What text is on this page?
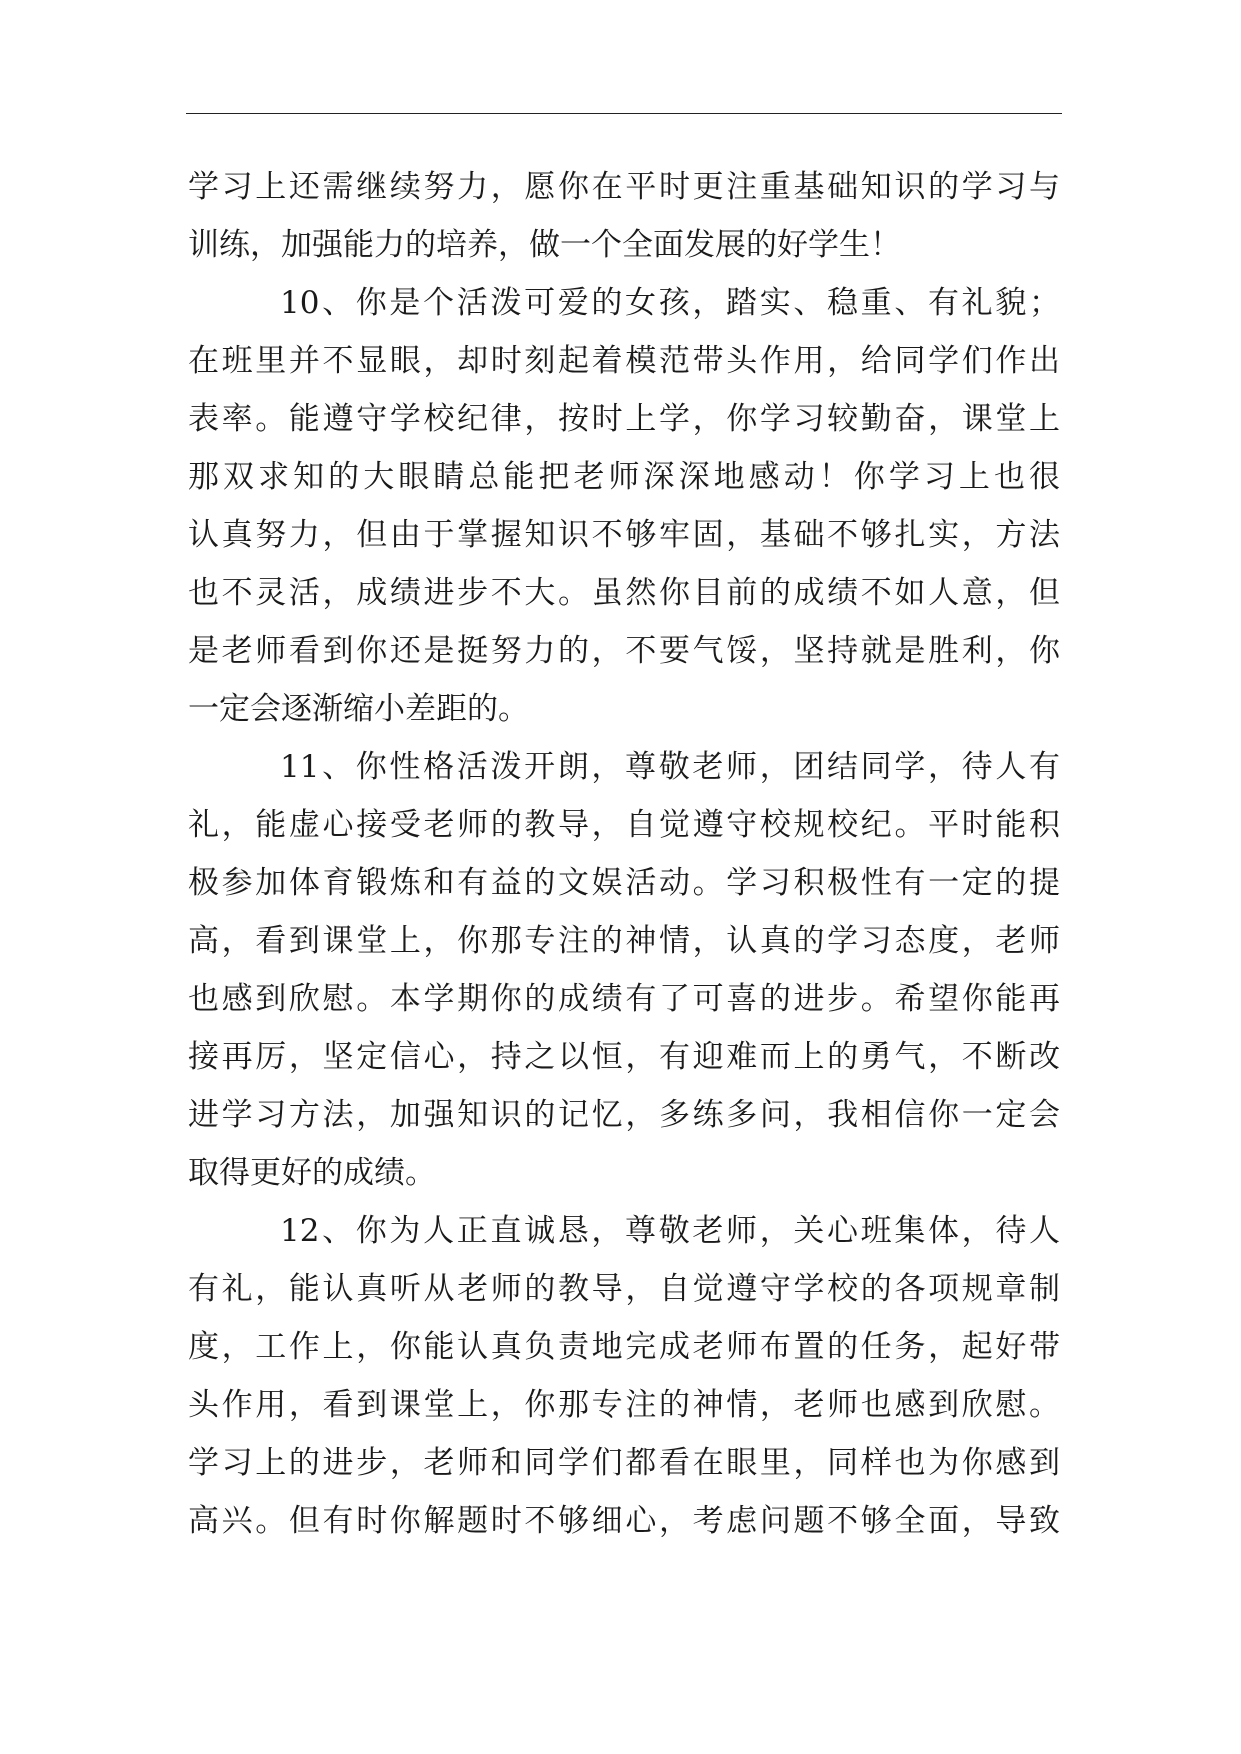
学习上还需继续努力，愿你在平时更注重基础知识的学习与
训练，加强能力的培养，做一个全面发展的好学生！
10、你是个活泼可爱的女孩，踏实、稳重、有礼貌；
在班里并不显眼，却时刻起着模范带头作用，给同学们作出
表率。能遵守学校纪律，按时上学，你学习较勤奋，课堂上
那双求知的大眼睛总能把老师深深地感动！你学习上也很
认真努力，但由于掌握知识不够牢固，基础不够扎实，方法
也不灵活，成绩进步不大。虽然你目前的成绩不如人意，但
是老师看到你还是挺努力的，不要气馁，坚持就是胜利，你
一定会逐渐缩小差距的。
11、你性格活泼开朗，尊敬老师，团结同学，待人有
礼，能虚心接受老师的教导，自觉遵守校规校纪。平时能积
极参加体育锻炼和有益的文娱活动。学习积极性有一定的提
高，看到课堂上，你那专注的神情，认真的学习态度，老师
也感到欣慰。本学期你的成绩有了可喜的进步。希望你能再
接再厉，坚定信心，持之以恒，有迎难而上的勇气，不断改
进学习方法，加强知识的记忆，多练多问，我相信你一定会
取得更好的成绩。
12、你为人正直诚恳，尊敬老师，关心班集体，待人
有礼，能认真听从老师的教导，自觉遵守学校的各项规章制
度，工作上，你能认真负责地完成老师布置的任务，起好带
头作用，看到课堂上，你那专注的神情，老师也感到欣慰。
学习上的进步，老师和同学们都看在眼里，同样也为你感到
高兴。但有时你解题时不够细心，考虑问题不够全面，导致
